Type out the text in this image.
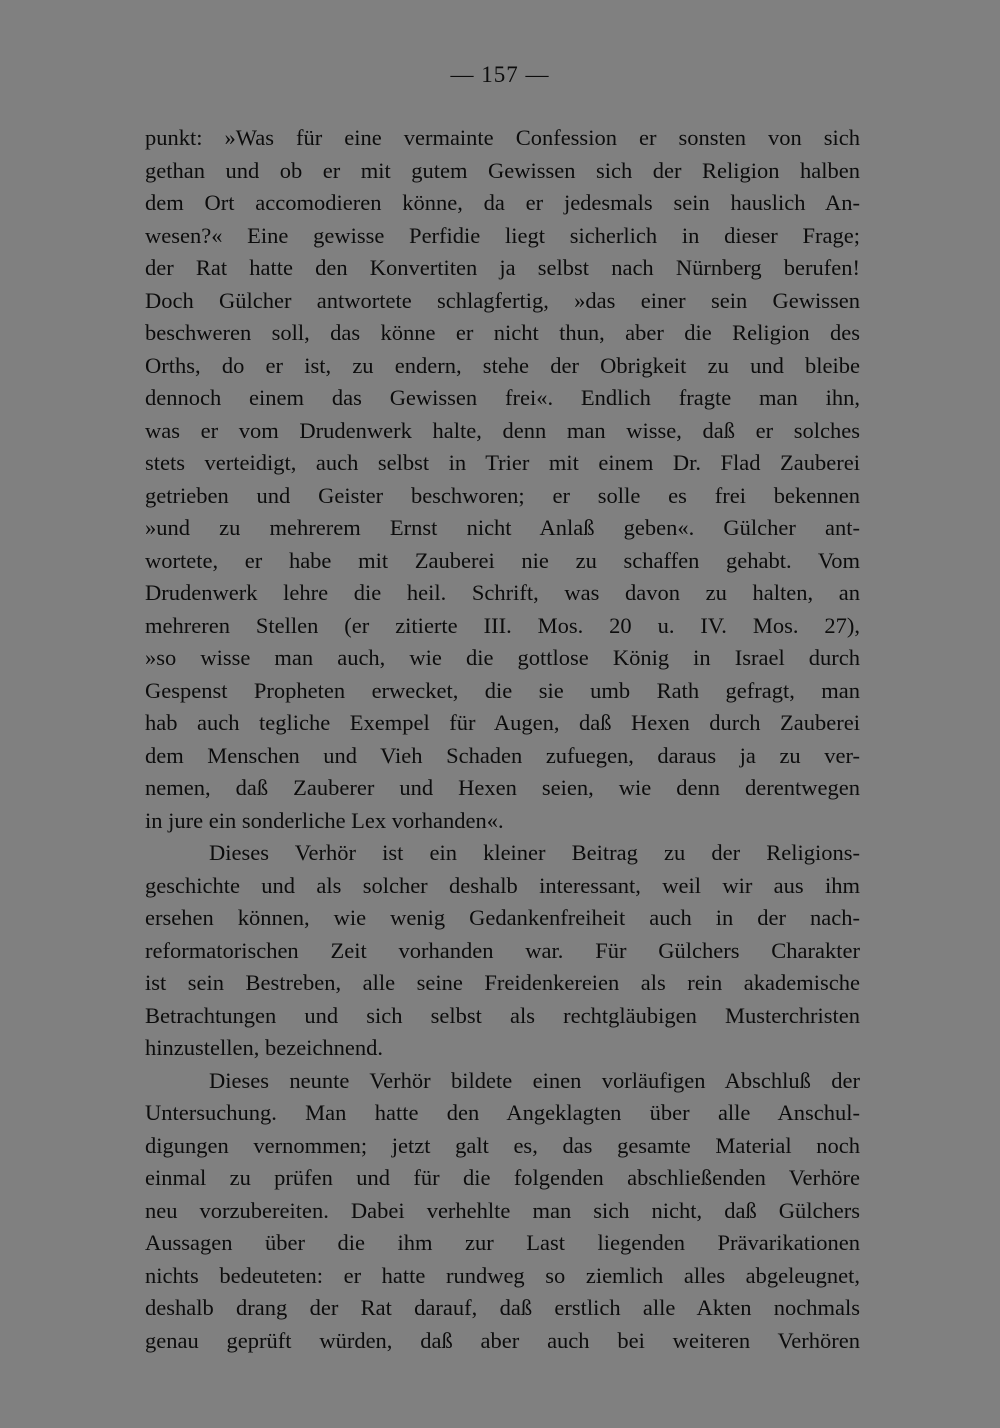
— 157 —
punkt: »Was für eine vermainte Confession er sonsten von sich
gethan und ob er mit gutem Gewissen sich der Religion halben
dem Ort accomodieren könne, da er jedesmals sein hauslich An-
wesen?« Eine gewisse Perfidie liegt sicherlich in dieser Frage;
der Rat hatte den Konvertiten ja selbst nach Nürnberg berufen!
Doch Gülcher antwortete schlagfertig, »das einer sein Gewissen
beschweren soll, das könne er nicht thun, aber die Religion des
Orths, do er ist, zu endern, stehe der Obrigkeit zu und bleibe
dennoch einem das Gewissen frei«. Endlich fragte man ihn,
was er vom Drudenwerk halte, denn man wisse, daß er solches
stets verteidigt, auch selbst in Trier mit einem Dr. Flad Zauberei
getrieben und Geister beschworen; er solle es frei bekennen
»und zu mehrerem Ernst nicht Anlaß geben«. Gülcher ant-
wortete, er habe mit Zauberei nie zu schaffen gehabt. Vom
Drudenwerk lehre die heil. Schrift, was davon zu halten, an
mehreren Stellen (er zitierte III. Mos. 20 u. IV. Mos. 27),
»so wisse man auch, wie die gottlose König in Israel durch
Gespenst Propheten erwecket, die sie umb Rath gefragt, man
hab auch tegliche Exempel für Augen, daß Hexen durch Zauberei
dem Menschen und Vieh Schaden zufuegen, daraus ja zu ver-
nemen, daß Zauberer und Hexen seien, wie denn derentwegen
in jure ein sonderliche Lex vorhanden«.
Dieses Verhör ist ein kleiner Beitrag zu der Religions-
geschichte und als solcher deshalb interessant, weil wir aus ihm
ersehen können, wie wenig Gedankenfreiheit auch in der nach-
reformatorischen Zeit vorhanden war. Für Gülchers Charakter
ist sein Bestreben, alle seine Freidenkereien als rein akademische
Betrachtungen und sich selbst als rechtgläubigen Musterchristen
hinzustellen, bezeichnend.
Dieses neunte Verhör bildete einen vorläufigen Abschluß der
Untersuchung. Man hatte den Angeklagten über alle Anschul-
digungen vernommen; jetzt galt es, das gesamte Material noch
einmal zu prüfen und für die folgenden abschließenden Verhöre
neu vorzubereiten. Dabei verhehlte man sich nicht, daß Gülchers
Aussagen über die ihm zur Last liegenden Prävarikationen
nichts bedeuteten: er hatte rundweg so ziemlich alles abgeleugnet,
deshalb drang der Rat darauf, daß erstlich alle Akten nochmals
genau geprüft würden, daß aber auch bei weiteren Verhören
